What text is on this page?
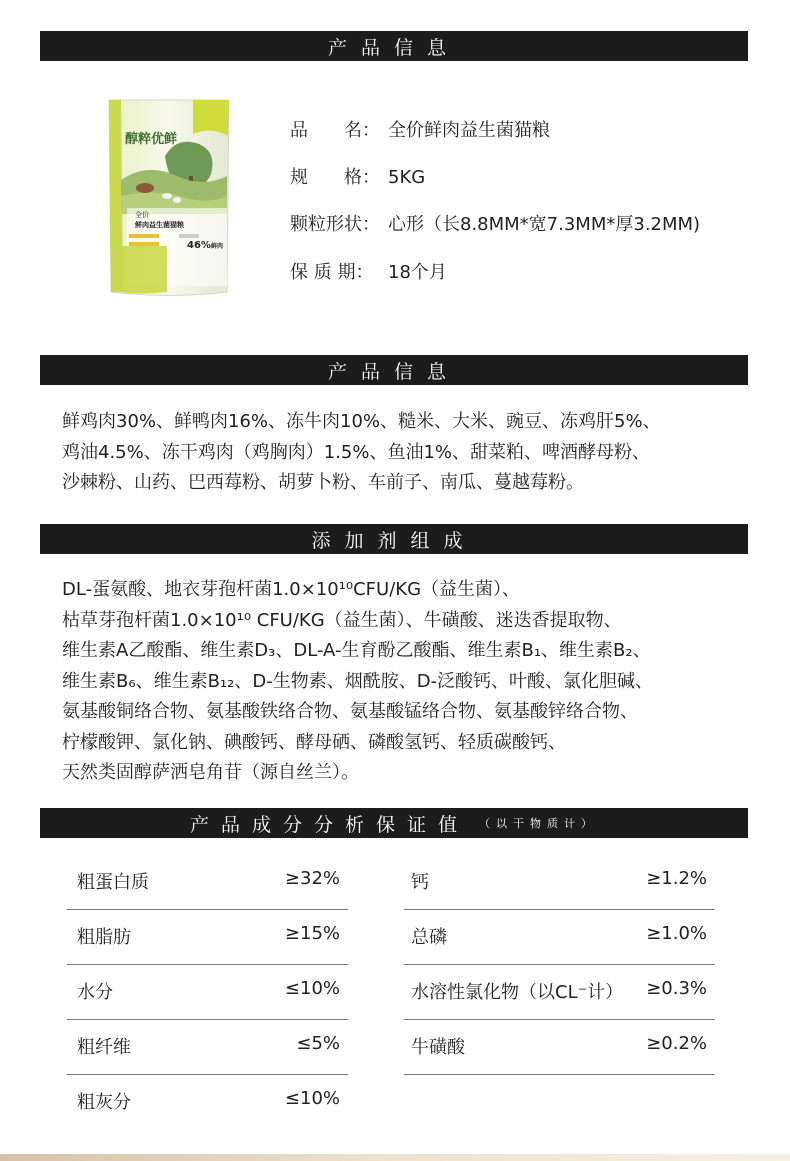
产品信息
醇粹优鲜
全价
鲜肉益生菌猫粮
46%鲜肉
品　　名： 全价鲜肉益生菌猫粮
规　　格： 5KG
颗粒形状： 心形（长8.8MM*宽7.3MM*厚3.2MM)
保 质 期： 18个月
产品信息
鲜鸡肉30%、鲜鸭肉16%、冻牛肉10%、糙米、大米、豌豆、冻鸡肝5%、
鸡油4.5%、冻干鸡肉（鸡胸肉）1.5%、鱼油1%、甜菜粕、啤酒酵母粉、
沙棘粉、山药、巴西莓粉、胡萝卜粉、车前子、南瓜、蔓越莓粉。
添加剂组成
DL-蛋氨酸、地衣芽孢杆菌1.0×10¹⁰CFU/KG（益生菌）、
枯草芽孢杆菌1.0×10¹⁰ CFU/KG（益生菌）、牛磺酸、迷迭香提取物、
维生素A乙酸酯、维生素D₃、DL-A-生育酚乙酸酯、维生素B₁、维生素B₂、
维生素B₆、维生素B₁₂、D-生物素、烟酰胺、D-泛酸钙、叶酸、氯化胆碱、
氨基酸铜络合物、氨基酸铁络合物、氨基酸锰络合物、氨基酸锌络合物、
柠檬酸钾、氯化钠、碘酸钙、酵母硒、磷酸氢钙、轻质碳酸钙、
天然类固醇萨洒皂角苷（源自丝兰）。
产品成分分析保证值 （以干物质计）
粗蛋白质	≥32%
粗脂肪	≥15%
水分	≤10%
粗纤维	≤5%
粗灰分	≤10%
钙	≥1.2%
总磷	≥1.0%
水溶性氯化物（以CL⁻计） ≥0.3%
牛磺酸	≥0.2%
